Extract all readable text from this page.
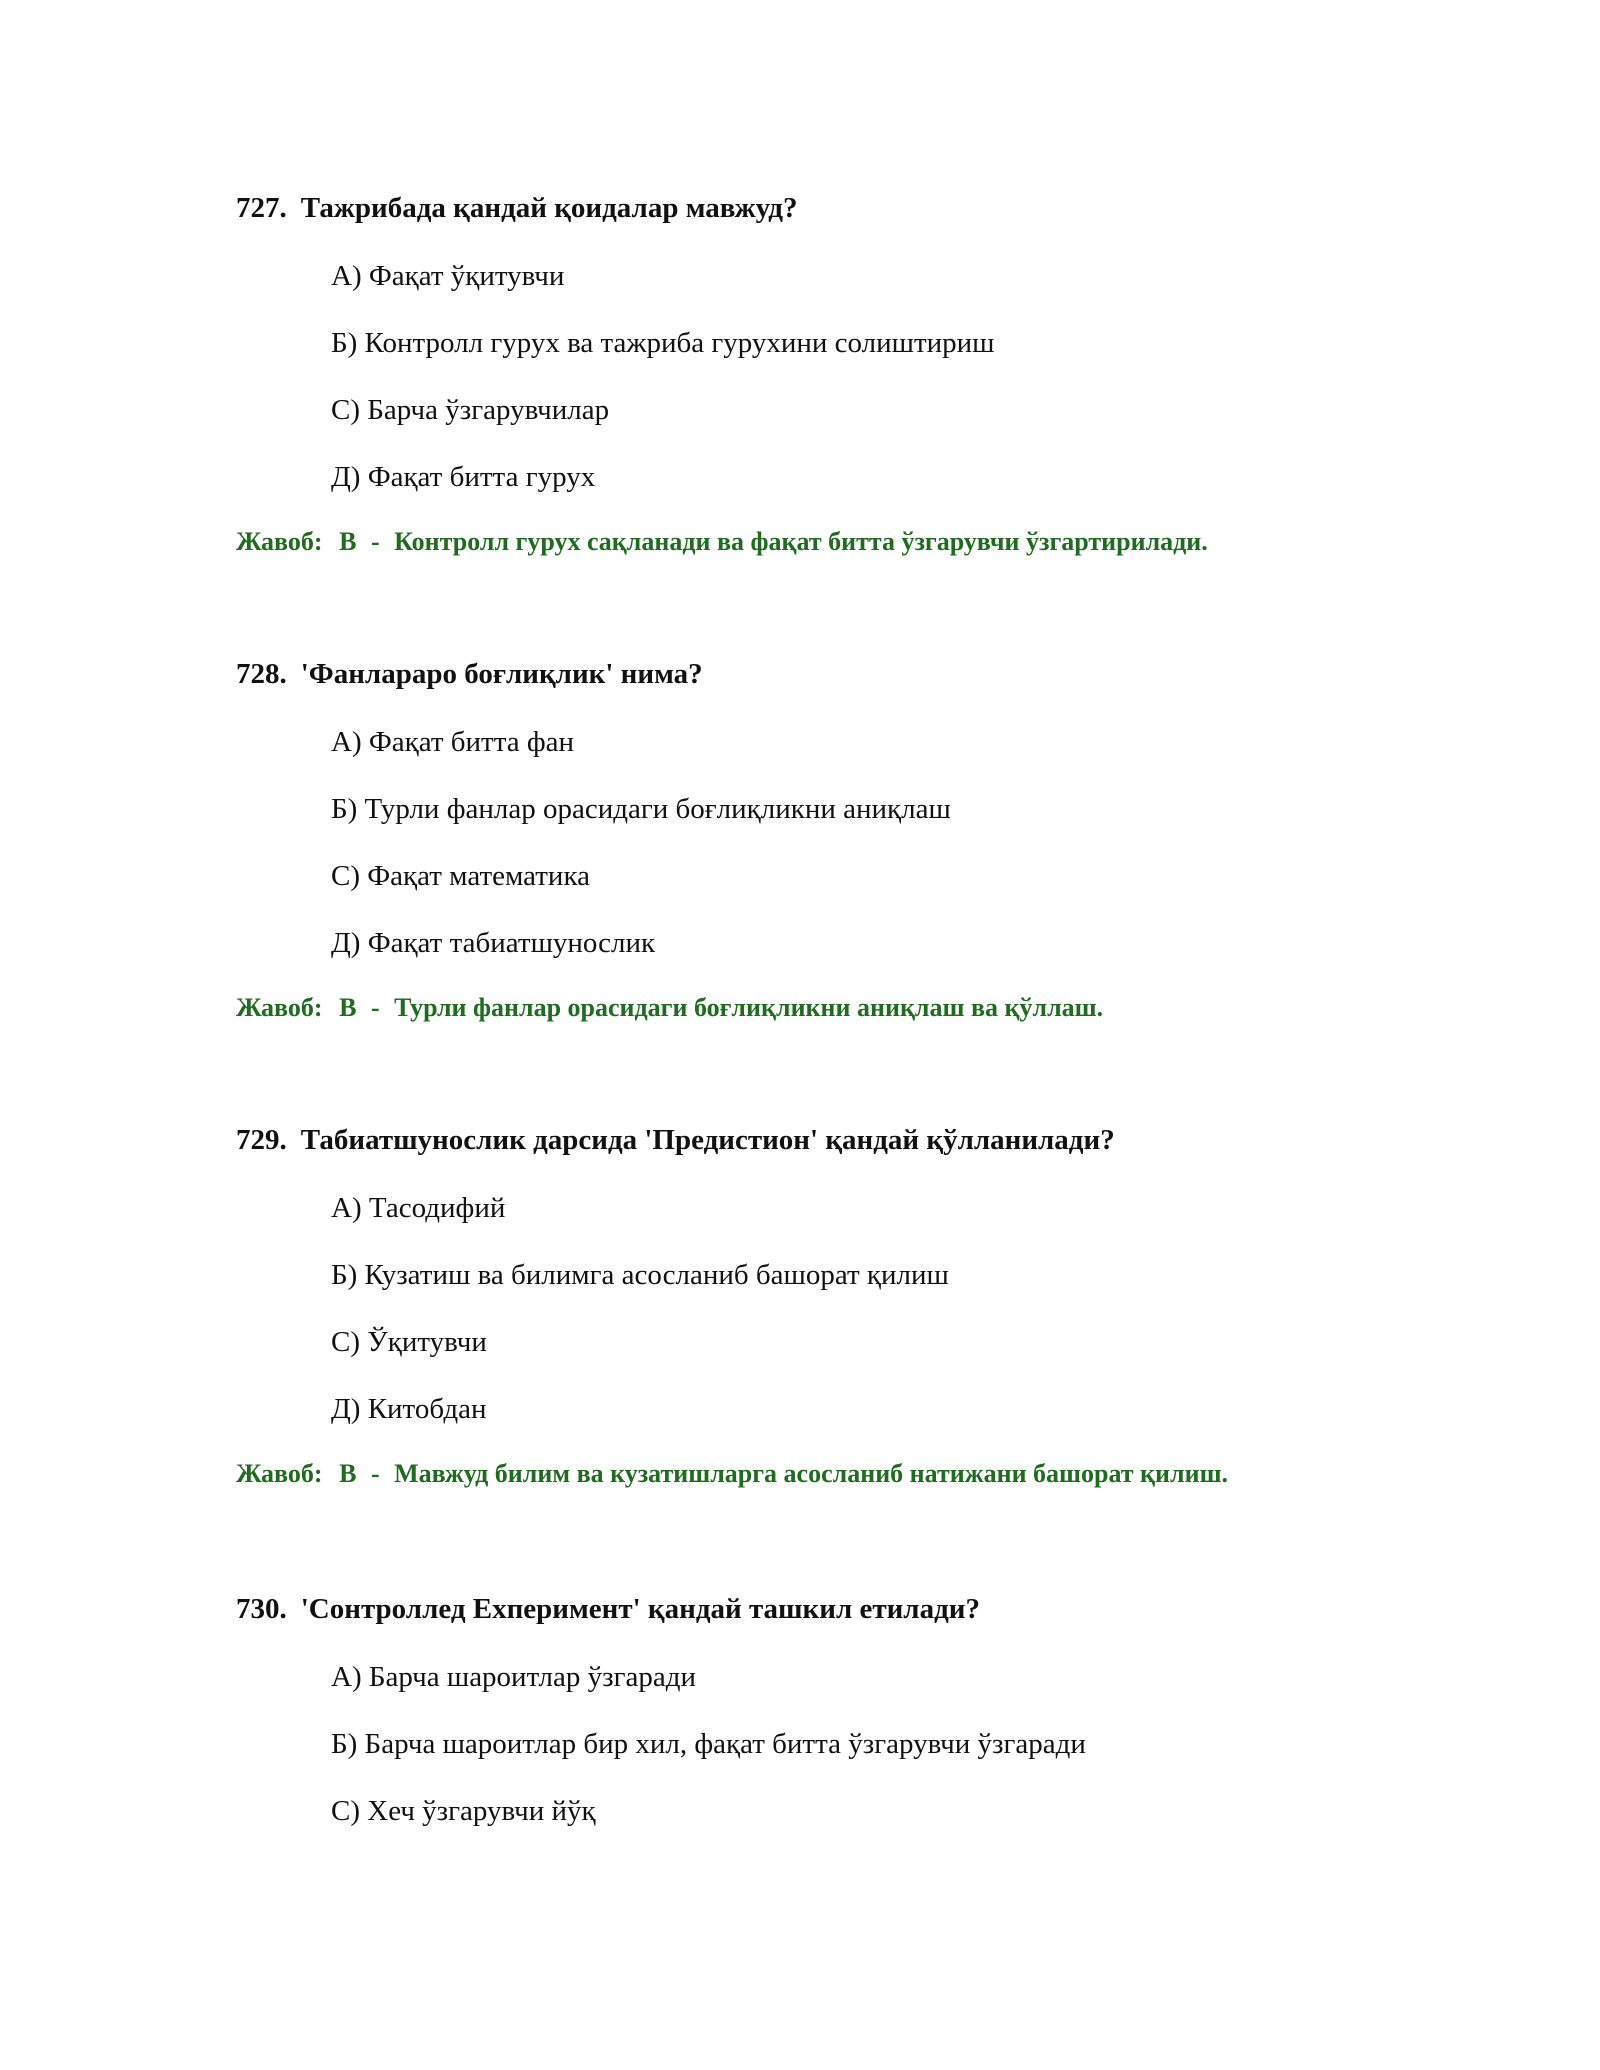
727. Тажрибада қандай қоидалар мавжуд?
А) Фақат ўқитувчи
Б) Контролл гурух ва тажриба гурухини солиштириш
С) Барча ўзгарувчилар
Д) Фақат битта гурух
Жавоб: В - Контролл гурух сақланади ва фақат битта ўзгарувчи ўзгартирилади.
728. 'Фанлараро боғлиқлик' нима?
А) Фақат битта фан
Б) Турли фанлар орасидаги боғлиқликни аниқлаш
С) Фақат математика
Д) Фақат табиатшунослик
Жавоб: В - Турли фанлар орасидаги боғлиқликни аниқлаш ва қўллаш.
729. Табиатшунослик дарсида 'Предистион' қандай қўлланилади?
А) Тасодифий
Б) Кузатиш ва билимга асосланиб башорат қилиш
С) Ўқитувчи
Д) Китобдан
Жавоб: В - Мавжуд билим ва кузатишларга асосланиб натижани башорат қилиш.
730. 'Сонтроллед Ехперимент' қандай ташкил етилади?
А) Барча шароитлар ўзгаради
Б) Барча шароитлар бир хил, фақат битта ўзгарувчи ўзгаради
С) Хеч ўзгарувчи йўқ
